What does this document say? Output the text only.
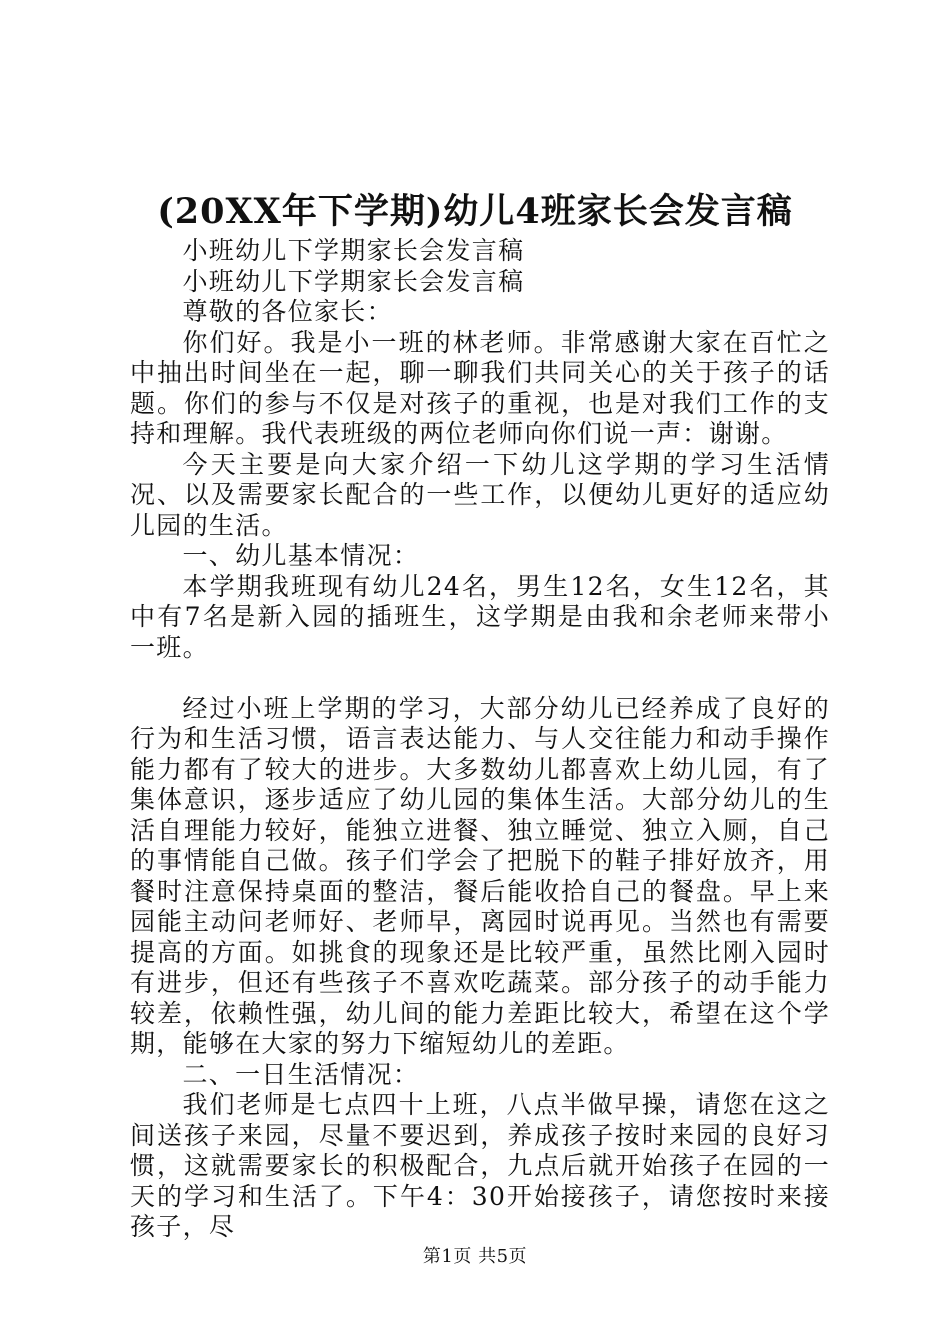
(20XX年下学期)幼儿4班家长会发言稿

小班幼儿下学期家长会发言稿

小班幼儿下学期家长会发言稿

尊敬的各位家长：

你们好。我是小一班的林老师。非常感谢大家在百忙之中抽出时间坐在一起，聊一聊我们共同关心的关于孩子的话题。你们的参与不仅是对孩子的重视，也是对我们工作的支持和理解。我代表班级的两位老师向你们说一声：谢谢。

今天主要是向大家介绍一下幼儿这学期的学习生活情况、以及需要家长配合的一些工作，以便幼儿更好的适应幼儿园的生活。

一、幼儿基本情况：

本学期我班现有幼儿24名，男生12名，女生12名，其中有7名是新入园的插班生，这学期是由我和余老师来带小一班。

经过小班上学期的学习，大部分幼儿已经养成了良好的行为和生活习惯，语言表达能力、与人交往能力和动手操作能力都有了较大的进步。大多数幼儿都喜欢上幼儿园，有了集体意识，逐步适应了幼儿园的集体生活。大部分幼儿的生活自理能力较好，能独立进餐、独立睡觉、独立入厕，自己的事情能自己做。孩子们学会了把脱下的鞋子排好放齐，用餐时注意保持桌面的整洁，餐后能收拾自己的餐盘。早上来园能主动问老师好、老师早，离园时说再见。当然也有需要提高的方面。如挑食的现象还是比较严重，虽然比刚入园时有进步，但还有些孩子不喜欢吃蔬菜。部分孩子的动手能力较差，依赖性强，幼儿间的能力差距比较大，希望在这个学期，能够在大家的努力下缩短幼儿的差距。

二、一日生活情况：

我们老师是七点四十上班，八点半做早操，请您在这之间送孩子来园，尽量不要迟到，养成孩子按时来园的良好习惯，这就需要家长的积极配合，九点后就开始孩子在园的一天的学习和生活了。下午4：30开始接孩子，请您按时来接孩子，尽

第1页 共5页
